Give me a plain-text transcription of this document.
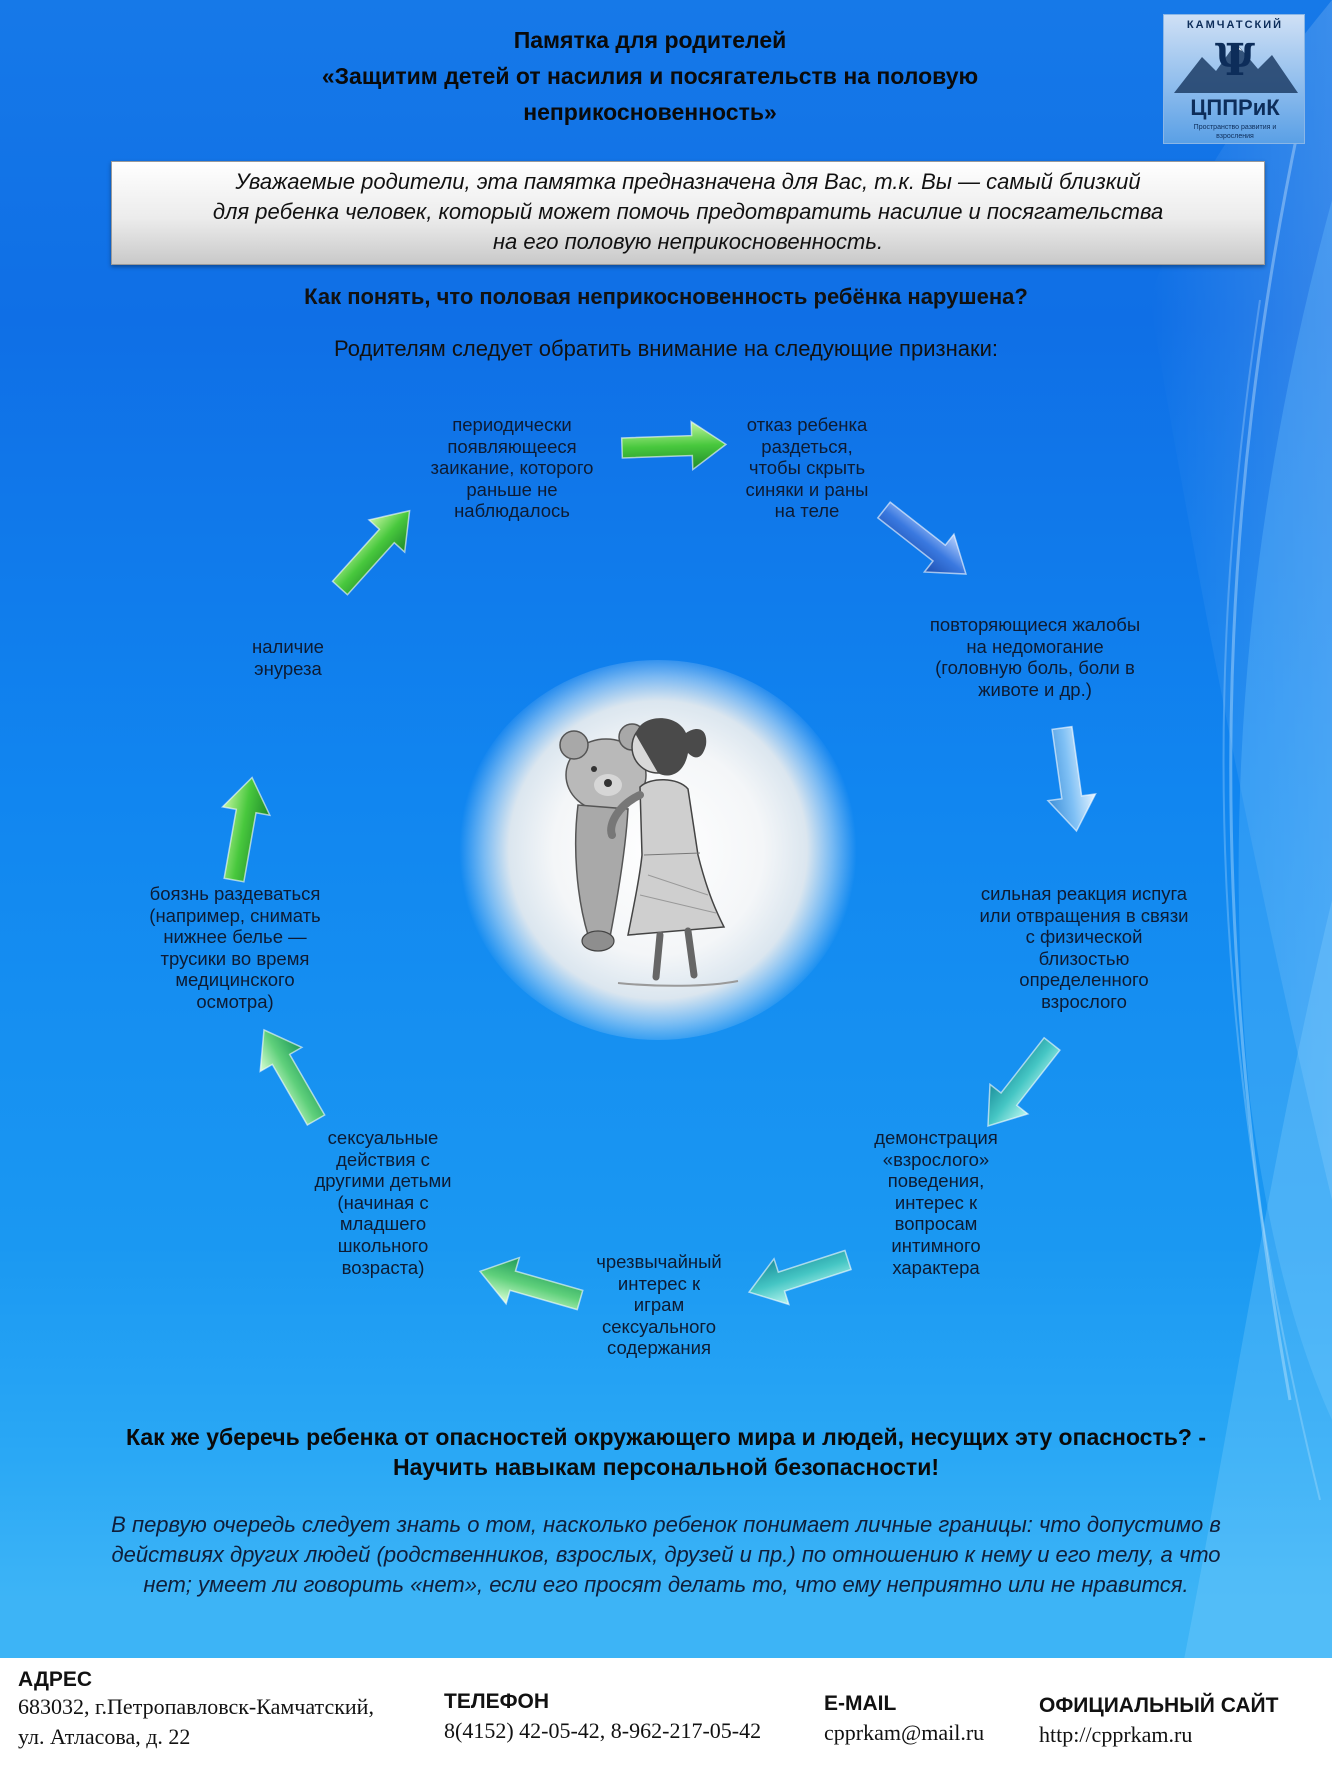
Памятка для родителей
«Защитим детей от насилия и посягательств на половую
неприкосновенность»
КАМЧАТСКИЙ
Ψ
ЦППРиК
Пространство развития и взросления
Уважаемые родители, эта памятка предназначена для Вас, т.к. Вы — самый близкий
для ребенка человек, который может помочь предотвратить насилие и посягательства
на его половую неприкосновенность.
Как понять, что половая неприкосновенность ребёнка нарушена?
Родителям следует обратить внимание на следующие признаки:
периодически
появляющееся
заикание, которого
раньше не
наблюдалось
отказ ребенка
раздеться,
чтобы скрыть
синяки и раны
на теле
повторяющиеся жалобы
на недомогание
(головную боль, боли в
животе и др.)
сильная реакция испуга
или отвращения в связи
с физической
близостью
определенного
взрослого
демонстрация
«взрослого»
поведения,
интерес к
вопросам
интимного
характера
чрезвычайный
интерес к
играм
сексуального
содержания
сексуальные
действия с
другими детьми
(начиная с
младшего
школьного
возраста)
боязнь раздеваться
(например, снимать
нижнее белье —
трусики во время
медицинского
осмотра)
наличие
энуреза
Как же уберечь ребенка от опасностей окружающего мира и людей, несущих эту опасность? -
Научить навыкам персональной безопасности!
В первую очередь следует знать о том, насколько ребенок понимает личные границы: что допустимо в
действиях других людей (родственников, взрослых, друзей и пр.) по отношению к нему и его телу, а что
нет; умеет ли говорить «нет», если его просят делать то, что ему неприятно или не нравится.
АДРЕС
683032, г.Петропавловск-Камчатский,
ул. Атласова, д. 22
ТЕЛЕФОН
8(4152) 42-05-42, 8-962-217-05-42
E-MAIL
cpprkam@mail.ru
ОФИЦИАЛЬНЫЙ САЙТ
http://cpprkam.ru
